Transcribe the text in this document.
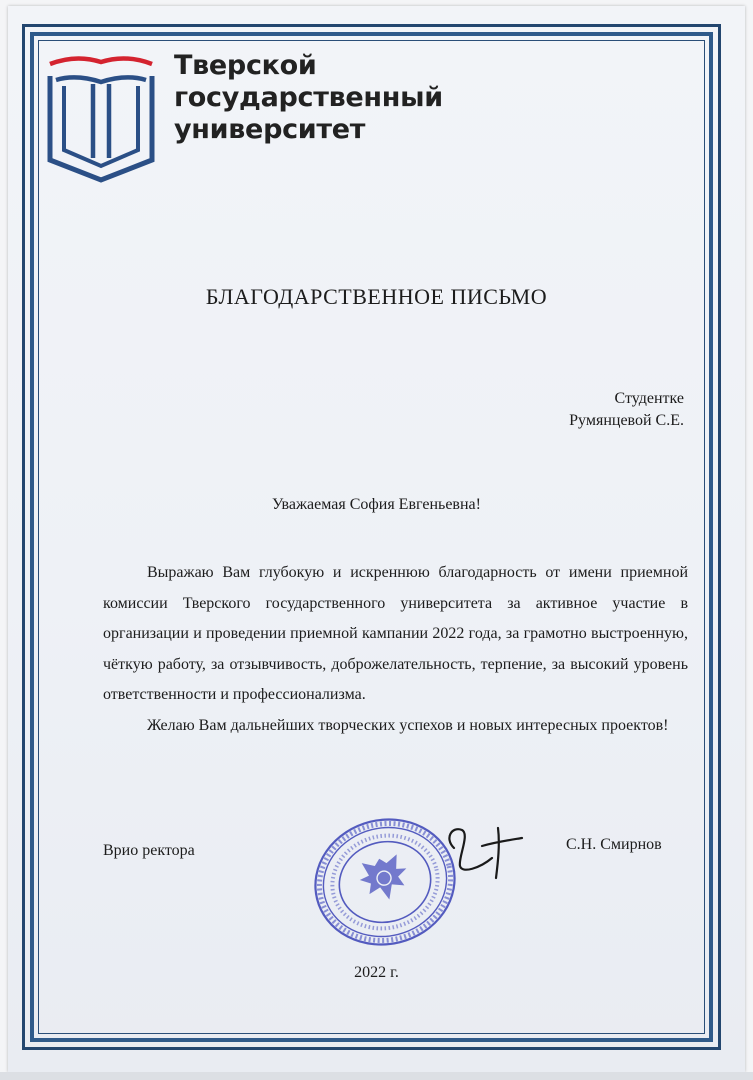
Тверской
государственный
университет
БЛАГОДАРСТВЕННОЕ ПИСЬМО
Студентке
Румянцевой С.Е.
Уважаемая София Евгеньевна!

Выражаю Вам глубокую и искреннюю благодарность от имени приемной комиссии Тверского государственного университета за активное участие в организации и проведении приемной кампании 2022 года, за грамотно выстроенную, чёткую работу, за отзывчивость, доброжелательность, терпение, за высокий уровень ответственности и профессионализма.

Желаю Вам дальнейших творческих успехов и новых интересных проектов!

Врио ректора	С.Н. Смирнов
2022 г.
